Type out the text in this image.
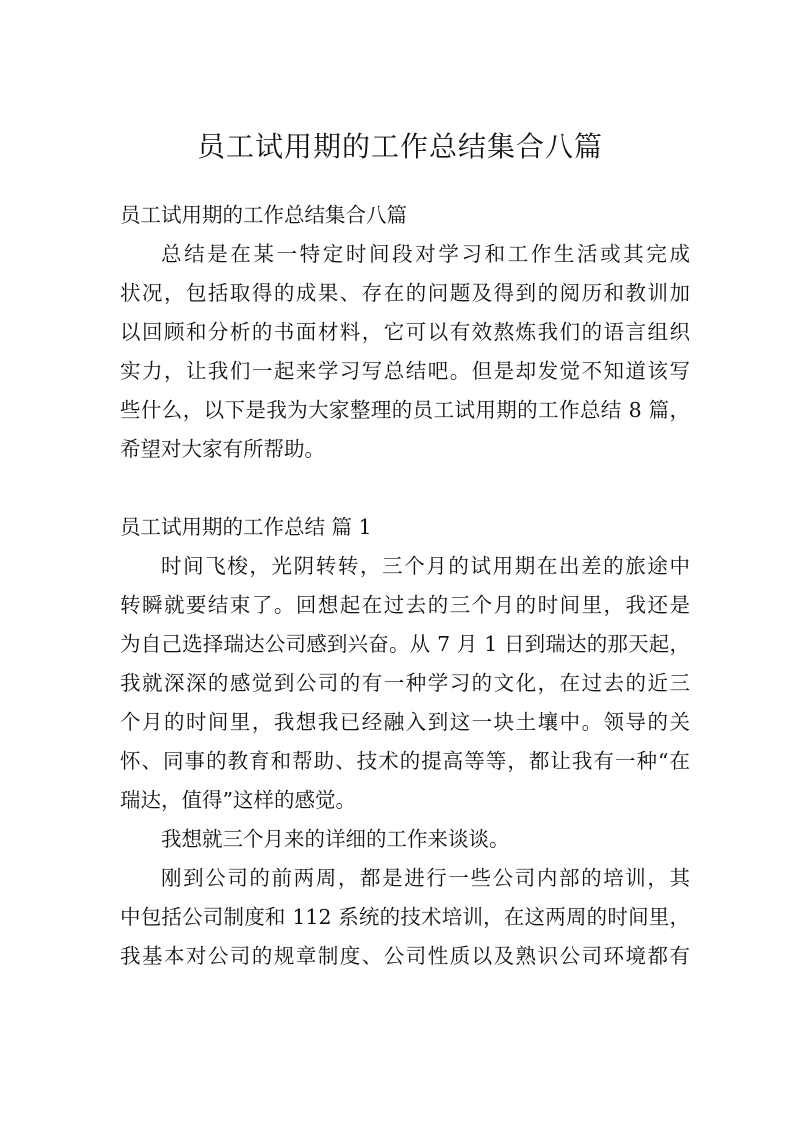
员工试用期的工作总结集合八篇
员工试用期的工作总结集合八篇
总结是在某一特定时间段对学习和工作生活或其完成
状况，包括取得的成果、存在的问题及得到的阅历和教训加
以回顾和分析的书面材料，它可以有效熬炼我们的语言组织
实力，让我们一起来学习写总结吧。但是却发觉不知道该写
些什么，以下是我为大家整理的员工试用期的工作总结 8 篇，
希望对大家有所帮助。
员工试用期的工作总结 篇 1
时间飞梭，光阴转转，三个月的试用期在出差的旅途中
转瞬就要结束了。回想起在过去的三个月的时间里，我还是
为自己选择瑞达公司感到兴奋。从 7 月 1 日到瑞达的那天起，
我就深深的感觉到公司的有一种学习的文化，在过去的近三
个月的时间里，我想我已经融入到这一块土壤中。领导的关
怀、同事的教育和帮助、技术的提高等等，都让我有一种“在
瑞达，值得”这样的感觉。
我想就三个月来的详细的工作来谈谈。
刚到公司的前两周，都是进行一些公司内部的培训，其
中包括公司制度和 112 系统的技术培训，在这两周的时间里，
我基本对公司的规章制度、公司性质以及熟识公司环境都有
